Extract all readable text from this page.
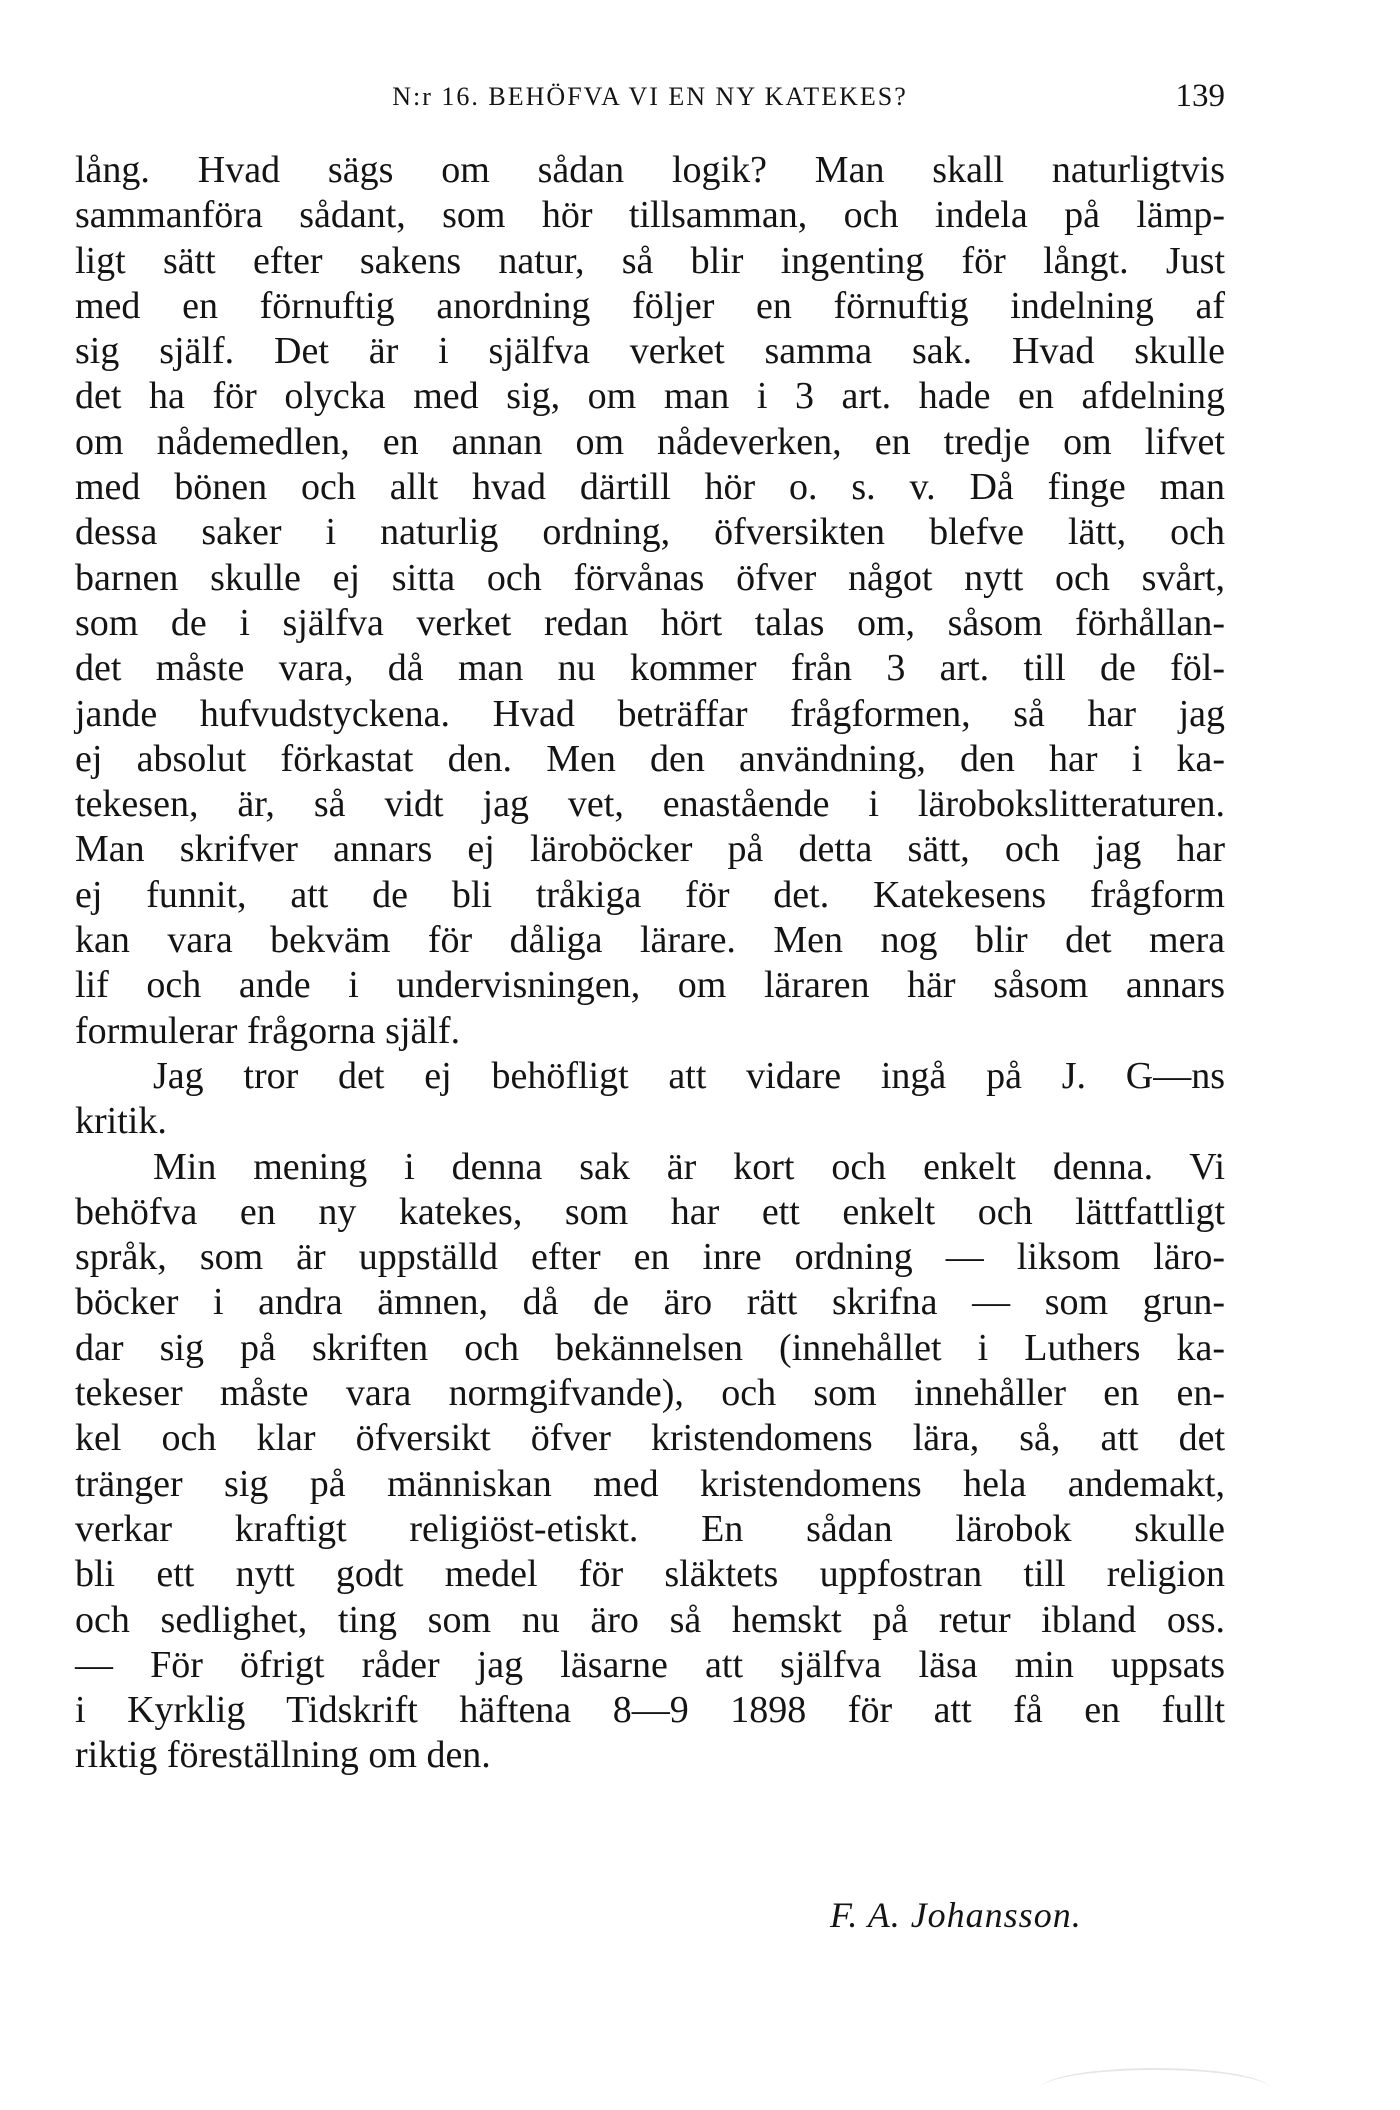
N:r 16. BEHÖFVA VI EN NY KATEKES?	139
lång. Hvad sägs om sådan logik? Man skall naturligtvis
sammanföra sådant, som hör tillsamman, och indela på lämp-
ligt sätt efter sakens natur, så blir ingenting för långt. Just
med en förnuftig anordning följer en förnuftig indelning af
sig själf. Det är i själfva verket samma sak. Hvad skulle
det ha för olycka med sig, om man i 3 art. hade en afdelning
om nådemedlen, en annan om nådeverken, en tredje om lifvet
med bönen och allt hvad därtill hör o. s. v. Då finge man
dessa saker i naturlig ordning, öfversikten blefve lätt, och
barnen skulle ej sitta och förvånas öfver något nytt och svårt,
som de i själfva verket redan hört talas om, såsom förhållan-
det måste vara, då man nu kommer från 3 art. till de föl-
jande hufvudstyckena. Hvad beträffar frågformen, så har jag
ej absolut förkastat den. Men den användning, den har i ka-
tekesen, är, så vidt jag vet, enastående i lärobokslitteraturen.
Man skrifver annars ej läroböcker på detta sätt, och jag har
ej funnit, att de bli tråkiga för det. Katekesens frågform
kan vara bekväm för dåliga lärare. Men nog blir det mera
lif och ande i undervisningen, om läraren här såsom annars
formulerar frågorna själf.
Jag tror det ej behöfligt att vidare ingå på J. G—ns
kritik.
Min mening i denna sak är kort och enkelt denna. Vi
behöfva en ny katekes, som har ett enkelt och lättfattligt
språk, som är uppställd efter en inre ordning — liksom läro-
böcker i andra ämnen, då de äro rätt skrifna — som grun-
dar sig på skriften och bekännelsen (innehållet i Luthers ka-
tekeser måste vara normgifvande), och som innehåller en en-
kel och klar öfversikt öfver kristendomens lära, så, att det
tränger sig på människan med kristendomens hela andemakt,
verkar kraftigt religiöst-etiskt. En sådan lärobok skulle
bli ett nytt godt medel för släktets uppfostran till religion
och sedlighet, ting som nu äro så hemskt på retur ibland oss.
— För öfrigt råder jag läsarne att själfva läsa min uppsats
i Kyrklig Tidskrift häftena 8—9 1898 för att få en fullt
riktig föreställning om den.
F. A. Johansson.
